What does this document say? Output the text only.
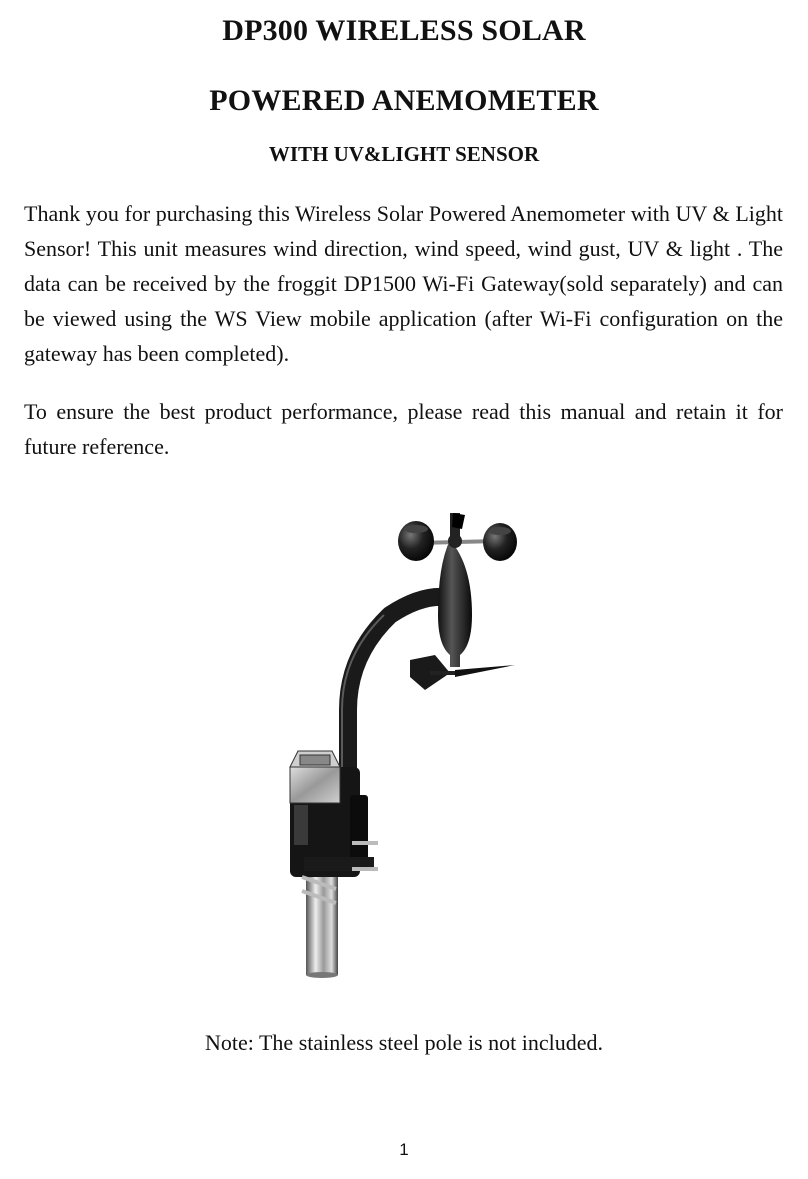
DP300 WIRELESS SOLAR
POWERED ANEMOMETER
WITH UV&LIGHT SENSOR

Thank you for purchasing this Wireless Solar Powered Anemometer with UV & Light Sensor! This unit measures wind direction, wind speed, wind gust, UV & light . The data can be received by the froggit DP1500 Wi-Fi Gateway(sold separately) and can be viewed using the WS View mobile application (after Wi-Fi configuration on the gateway has been completed).

To ensure the best product performance, please read this manual and retain it for future reference.

Note: The stainless steel pole is not included.

1
